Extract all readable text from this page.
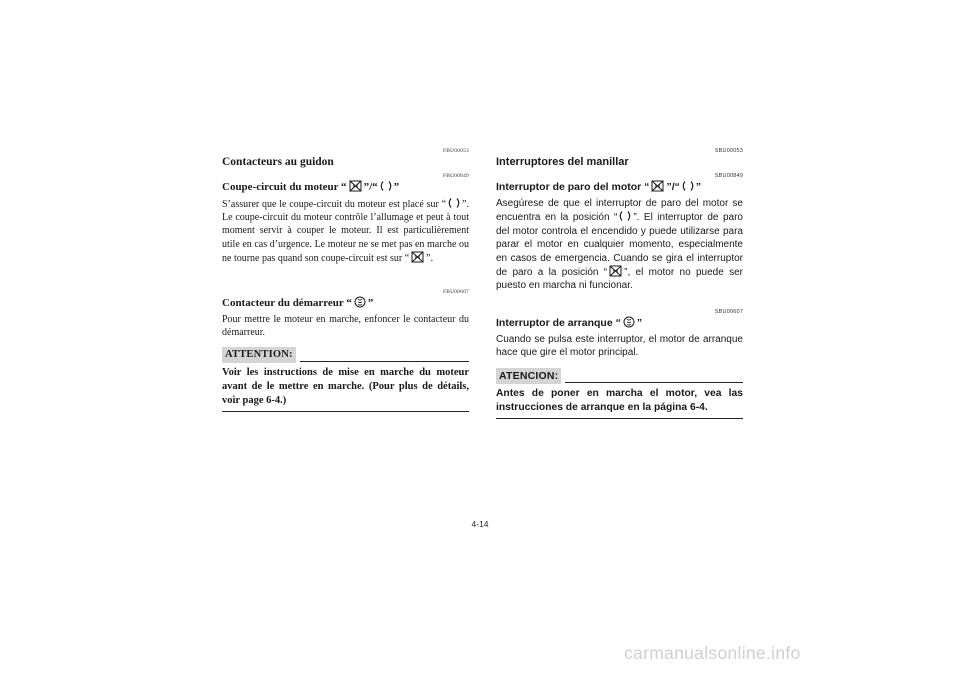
FBU00053
Contacteurs au guidon
FBU00849
Coupe-circuit du moteur “ ”/“ ”

S’assurer que le coupe-circuit du moteur est placé sur “ ”. Le coupe-circuit du moteur contrôle l’allumage et peut à tout moment servir à couper le moteur. Il est particulièrement utile en cas d’urgence. Le moteur ne se met pas en marche ou ne tourne pas quand son coupe-circuit est sur “ ”.

FBU00607
Contacteur du démarreur “ ”

Pour mettre le moteur en marche, enfoncer le contacteur du démarreur.

ATTENTION:
Voir les instructions de mise en marche du moteur avant de le mettre en marche. (Pour plus de détails, voir page 6-4.)
SBU00053
Interruptores del manillar
SBU00849
Interruptor de paro del motor “ ”/“ ”

Asegúrese de que el interruptor de paro del motor se encuentra en la posición “ ”. El interruptor de paro del motor controla el encendido y puede utilizarse para parar el motor en cualquier momento, especialmente en casos de emergencia. Cuando se gira el interruptor de paro a la posición “ ”, el motor no puede ser puesto en marcha ni funcionar.

SBU00607
Interruptor de arranque “ ”

Cuando se pulsa este interruptor, el motor de arranque hace que gire el motor principal.

ATENCION:
Antes de poner en marcha el motor, vea las instrucciones de arranque en la página 6-4.
4-14
carmanualsonline.info
